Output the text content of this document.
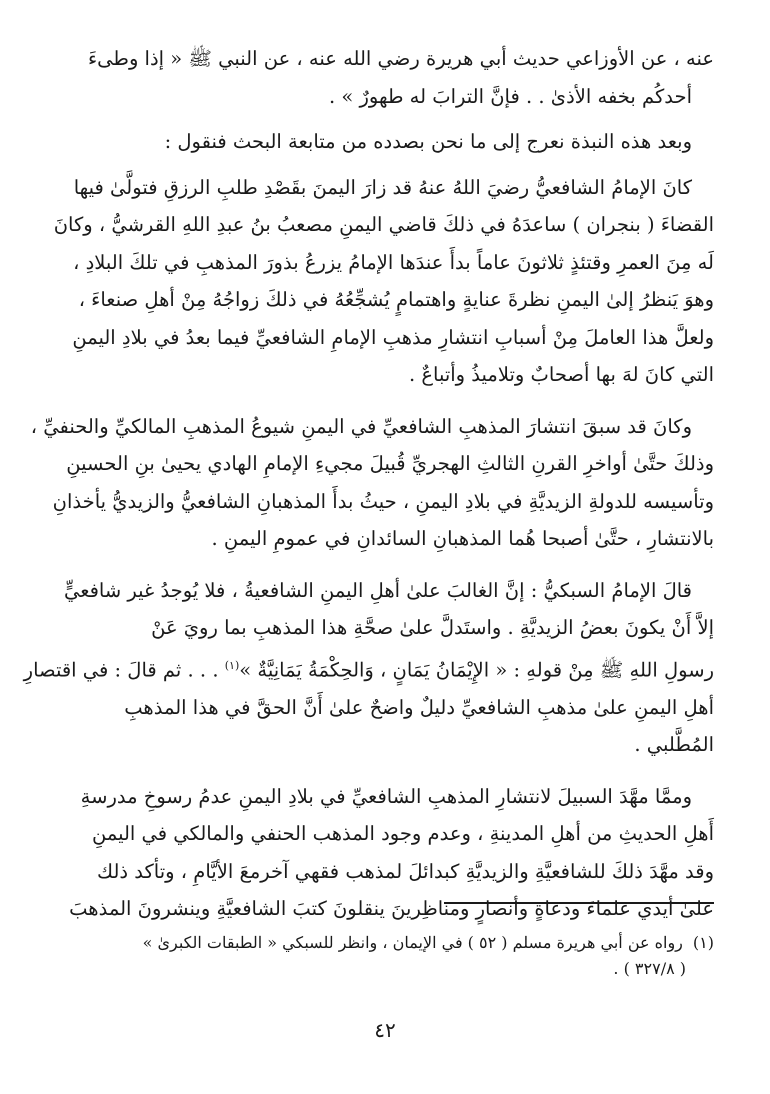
عنه ، عن الأوزاعي حديث أبي هريرة رضي الله عنه ، عن النبي ﷺ « إذا وطىءَ
أحدكُم بخفه الأذىٰ . . فإنَّ الترابَ له طهورٌ » .

وبعد هذه النبذة نعرج إلى ما نحن بصدده من متابعة البحث فنقول :

كانَ الإمامُ الشافعيُّ رضيَ اللهُ عنهُ قد زارَ اليمنَ بقَصْدِ طلبِ الرزقِ فتولَّىٰ فيها
القضاءَ ( بنجران ) ساعدَهُ في ذلكَ قاضي اليمنِ مصعبُ بنُ عبدِ اللهِ القرشيُّ ، وكانَ
لَه مِنَ العمرِ وقتئذٍ ثلاثونَ عاماً بدأَ عندَها الإمامُ يزرعُ بذورَ المذهبِ في تلكَ البلادِ ،
وهوَ يَنظرُ إلىٰ اليمنِ نظرةَ عنايةٍ واهتمامٍ يُشجِّعُهُ في ذلكَ زواجُهُ مِنْ أهلِ صنعاءَ ،
ولعلَّ هذا العاملَ مِنْ أسبابِ انتشارِ مذهبِ الإمامِ الشافعيِّ فيما بعدُ في بلادِ اليمنِ
التي كانَ لهَ بها أصحابٌ وتلاميذُ وأتباعٌ .

وكانَ قد سبقَ انتشارَ المذهبِ الشافعيِّ في اليمنِ شيوعُ المذهبِ المالكيِّ والحنفيِّ ،
وذلكَ حتَّىٰ أواخرِ القرنِ الثالثِ الهجريِّ قُبيلَ مجيءِ الإمامِ الهادي يحيىٰ بنِ الحسينِ
وتأسيسه للدولةِ الزيديَّةِ في بلادِ اليمنِ ، حيثُ بدأَ المذهبانِ الشافعيُّ والزيديُّ يأخذانِ
بالانتشارِ ، حتَّىٰ أصبحا هُما المذهبانِ السائدانِ في عمومِ اليمنِ .

قالَ الإمامُ السبكيُّ : إنَّ الغالبَ علىٰ أهلِ اليمنِ الشافعيةُ ، فلا يُوجدُ غير شافعيٍّ
إلاَّ أَنْ يكونَ بعضُ الزيديَّةِ . واستَدلَّ علىٰ صحَّةِ هذا المذهبِ بما رويَ عَنْ
رسولِ اللهِ ﷺ مِنْ قولهِ : « الإِيْمَانُ يَمَانٍ ، وَالحِكْمَةُ يَمَانِيَّةٌ »$^{(١)}$ . . . ثم قالَ : في اقتصارِ
أهلِ اليمنِ علىٰ مذهبِ الشافعيِّ دليلٌ واضحٌ علىٰ أَنَّ الحقَّ في هذا المذهبِ
المُطَّلبي .

وممَّا مهَّدَ السبيلَ لانتشارِ المذهبِ الشافعيِّ في بلادِ اليمنِ عدمُ رسوخِ مدرسةِ
أَهلِ الحديثِ من أهلِ المدينةِ ، وعدم وجود المذهب الحنفي والمالكي في اليمنِ
وقد مهَّدَ ذلكَ للشافعيَّةِ والزيديَّةِ كبدائلَ لمذهب فقهي آخرمعَ الأيَّامِ ، وتأكد ذلك
علىٰ أيدي علماءَ ودعاةٍ وأنصارٍ ومناظِرينَ ينقلونَ كتبَ الشافعيَّةِ وينشرونَ المذهبَ

(١)رواه عن أبي هريرة مسلم ( ٥٢ ) في الإيمان ، وانظر للسبكي « الطبقات الكبرىٰ »
( ٣٢٧/٨ ) .
٤٢
